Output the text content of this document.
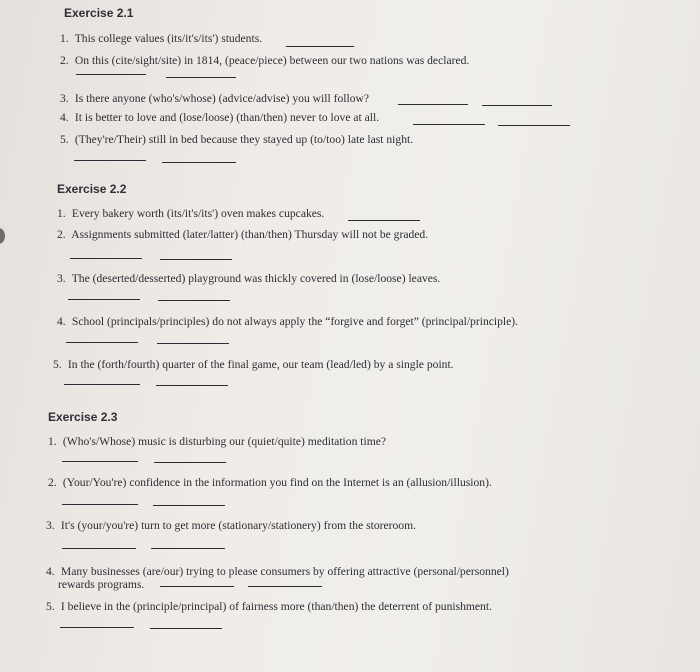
Exercise 2.1
1. This college values (its/it's/its') students.
2. On this (cite/sight/site) in 1814, (peace/piece) between our two nations was declared.
3. Is there anyone (who's/whose) (advice/advise) you will follow?
4. It is better to love and (lose/loose) (than/then) never to love at all.
5. (They're/Their) still in bed because they stayed up (to/too) late last night.
Exercise 2.2
1. Every bakery worth (its/it's/its') oven makes cupcakes.
2. Assignments submitted (later/latter) (than/then) Thursday will not be graded.
3. The (deserted/desserted) playground was thickly covered in (lose/loose) leaves.
4. School (principals/principles) do not always apply the “forgive and forget” (principal/principle).
5. In the (forth/fourth) quarter of the final game, our team (lead/led) by a single point.
Exercise 2.3
1. (Who's/Whose) music is disturbing our (quiet/quite) meditation time?
2. (Your/You're) confidence in the information you find on the Internet is an (allusion/illusion).
3. It's (your/you're) turn to get more (stationary/stationery) from the storeroom.
4. Many businesses (are/our) trying to please consumers by offering attractive (personal/personnel)
rewards programs.
5. I believe in the (principle/principal) of fairness more (than/then) the deterrent of punishment.
